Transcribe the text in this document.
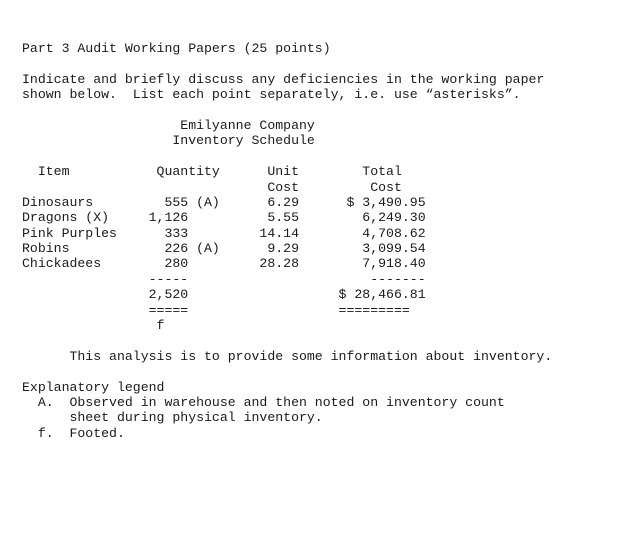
Part 3 Audit Working Papers (25 points)
Indicate and briefly discuss any deficiencies in the working paper
shown below.  List each point separately, i.e. use “asterisks”.
Emilyanne Company
Inventory Schedule
Item           Quantity      Unit        Total
Cost         Cost
Dinosaurs         555 (A)      6.29      $ 3,490.95
Dragons (X)     1,126          5.55        6,249.30
Pink Purples      333         14.14        4,708.62
Robins            226 (A)      9.29        3,099.54
Chickadees        280         28.28        7,918.40
-----                       -------
2,520                   $ 28,466.81
=====                   =========
f
This analysis is to provide some information about inventory.
Explanatory legend
A.  Observed in warehouse and then noted on inventory count
sheet during physical inventory.
f.  Footed.
